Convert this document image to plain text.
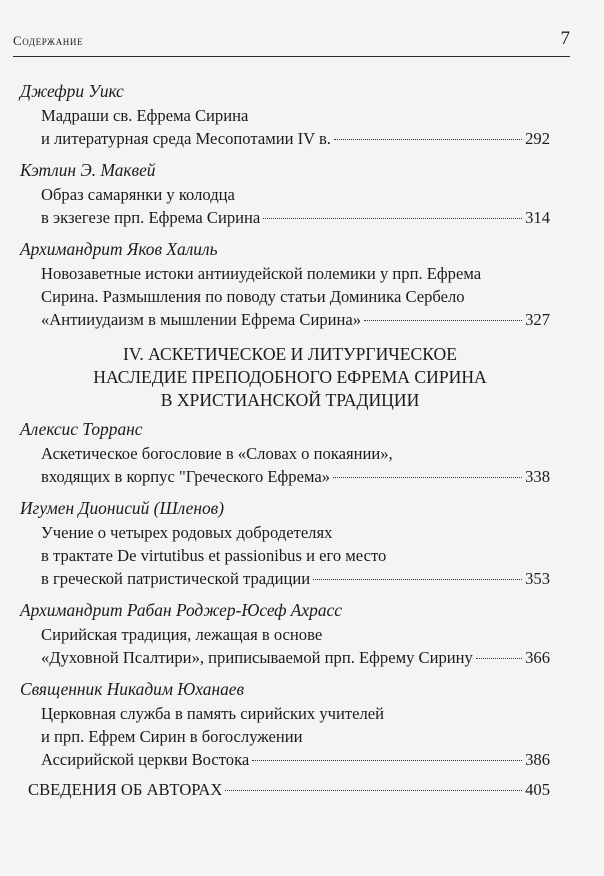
Содержание	7
Джефри Уикс
Мадраши св. Ефрема Сирина
и литературная среда Месопотамии IV в.	292
Кэтлин Э. Маквей
Образ самарянки у колодца
в экзегезе прп. Ефрема Сирина	314
Архимандрит Яков Халиль
Новозаветные истоки антииудейской полемики у прп. Ефрема
Сирина. Размышления по поводу статьи Доминика Сербело
«Антииудаизм в мышлении Ефрема Сирина»	327
IV. АСКЕТИЧЕСКОЕ И ЛИТУРГИЧЕСКОЕ
НАСЛЕДИЕ ПРЕПОДОБНОГО ЕФРЕМА СИРИНА
В ХРИСТИАНСКОЙ ТРАДИЦИИ
Алексис Торранс
Аскетическое богословие в «Словах о покаянии»,
входящих в корпус "Греческого Ефрема»	338
Игумен Дионисий (Шленов)
Учение о четырех родовых добродетелях
в трактате De virtutibus et passionibus и его место
в греческой патристической традиции	353
Архимандрит Рабан Роджер-Юсеф Ахрасс
Сирийская традиция, лежащая в основе
«Духовной Псалтири», приписываемой прп. Ефрему Сирину	366
Священник Никадим Юханаев
Церковная служба в память сирийских учителей
и прп. Ефрем Сирин в богослужении
Ассирийской церкви Востока	386
СВЕДЕНИЯ ОБ АВТОРАХ	405
